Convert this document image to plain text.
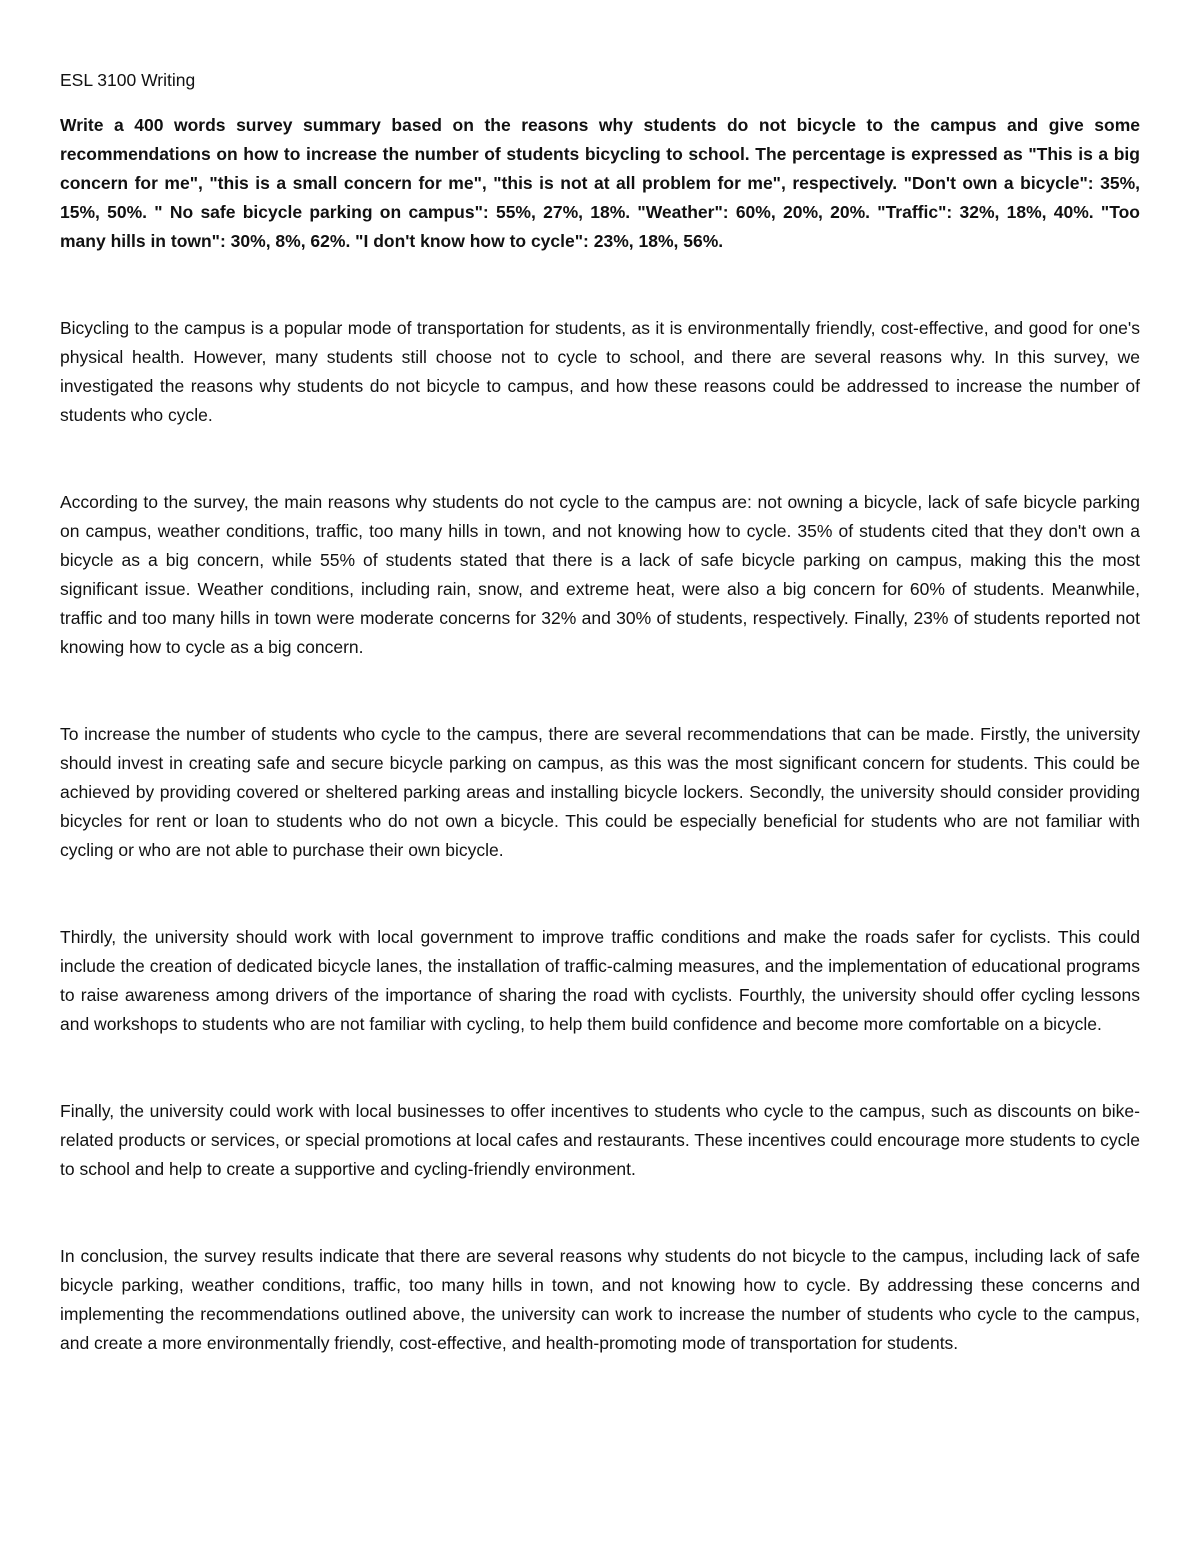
ESL 3100 Writing

Write a 400 words survey summary based on the reasons why students do not bicycle to the campus and give some recommendations on how to increase the number of students bicycling to school. The percentage is expressed as "This is a big concern for me", "this is a small concern for me", "this is not at all problem for me", respectively. "Don't own a bicycle": 35%, 15%, 50%. " No safe bicycle parking on campus": 55%, 27%, 18%. "Weather": 60%, 20%, 20%. "Traffic": 32%, 18%, 40%. "Too many hills in town": 30%, 8%, 62%. "I don't know how to cycle": 23%, 18%, 56%.

Bicycling to the campus is a popular mode of transportation for students, as it is environmentally friendly, cost-effective, and good for one's physical health. However, many students still choose not to cycle to school, and there are several reasons why. In this survey, we investigated the reasons why students do not bicycle to campus, and how these reasons could be addressed to increase the number of students who cycle.

According to the survey, the main reasons why students do not cycle to the campus are: not owning a bicycle, lack of safe bicycle parking on campus, weather conditions, traffic, too many hills in town, and not knowing how to cycle. 35% of students cited that they don't own a bicycle as a big concern, while 55% of students stated that there is a lack of safe bicycle parking on campus, making this the most significant issue. Weather conditions, including rain, snow, and extreme heat, were also a big concern for 60% of students. Meanwhile, traffic and too many hills in town were moderate concerns for 32% and 30% of students, respectively. Finally, 23% of students reported not knowing how to cycle as a big concern.

To increase the number of students who cycle to the campus, there are several recommendations that can be made. Firstly, the university should invest in creating safe and secure bicycle parking on campus, as this was the most significant concern for students. This could be achieved by providing covered or sheltered parking areas and installing bicycle lockers. Secondly, the university should consider providing bicycles for rent or loan to students who do not own a bicycle. This could be especially beneficial for students who are not familiar with cycling or who are not able to purchase their own bicycle.

Thirdly, the university should work with local government to improve traffic conditions and make the roads safer for cyclists. This could include the creation of dedicated bicycle lanes, the installation of traffic-calming measures, and the implementation of educational programs to raise awareness among drivers of the importance of sharing the road with cyclists. Fourthly, the university should offer cycling lessons and workshops to students who are not familiar with cycling, to help them build confidence and become more comfortable on a bicycle.

Finally, the university could work with local businesses to offer incentives to students who cycle to the campus, such as discounts on bike-related products or services, or special promotions at local cafes and restaurants. These incentives could encourage more students to cycle to school and help to create a supportive and cycling-friendly environment.

In conclusion, the survey results indicate that there are several reasons why students do not bicycle to the campus, including lack of safe bicycle parking, weather conditions, traffic, too many hills in town, and not knowing how to cycle. By addressing these concerns and implementing the recommendations outlined above, the university can work to increase the number of students who cycle to the campus, and create a more environmentally friendly, cost-effective, and health-promoting mode of transportation for students.
